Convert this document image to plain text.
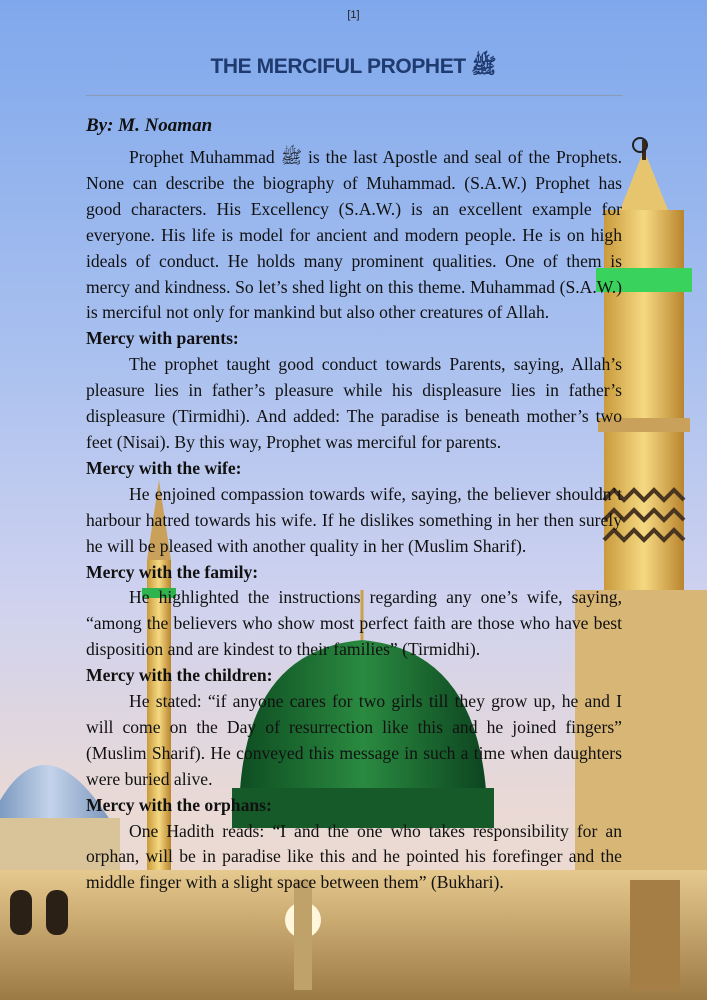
[1]
THE MERCIFUL PROPHET ﷺ

By: M. Noaman

Prophet Muhammad ﷺ is the last Apostle and seal of the Prophets. None can describe the biography of Muhammad. (S.A.W.) Prophet has good characters. His Excellency (S.A.W.) is an excellent example for everyone. His life is model for ancient and modern people. He is on high ideals of conduct. He holds many prominent qualities. One of them is mercy and kindness. So let’s shed light on this theme. Muhammad (S.A.W.) is merciful not only for mankind but also other creatures of Allah.

Mercy with parents:

The prophet taught good conduct towards Parents, saying, Allah’s pleasure lies in father’s pleasure while his displeasure lies in father’s displeasure (Tirmidhi). And added: The paradise is beneath mother’s two feet (Nisai). By this way, Prophet was merciful for parents.

Mercy with the wife:

He enjoined compassion towards wife, saying, the believer shouldn’t harbour hatred towards his wife. If he dislikes something in her then surely he will be pleased with another quality in her (Muslim Sharif).

Mercy with the family:

He highlighted the instructions regarding any one’s wife, saying, “among the believers who show most perfect faith are those who have best disposition and are kindest to their families” (Tirmidhi).

Mercy with the children:

He stated: “if anyone cares for two girls till they grow up, he and I will come on the Day of resurrection like this and he joined fingers” (Muslim Sharif). He conveyed this message in such a time when daughters were buried alive.

Mercy with the orphans:

One Hadith reads: “I and the one who takes responsibility for an orphan, will be in paradise like this and he pointed his forefinger and the middle finger with a slight space between them” (Bukhari).
